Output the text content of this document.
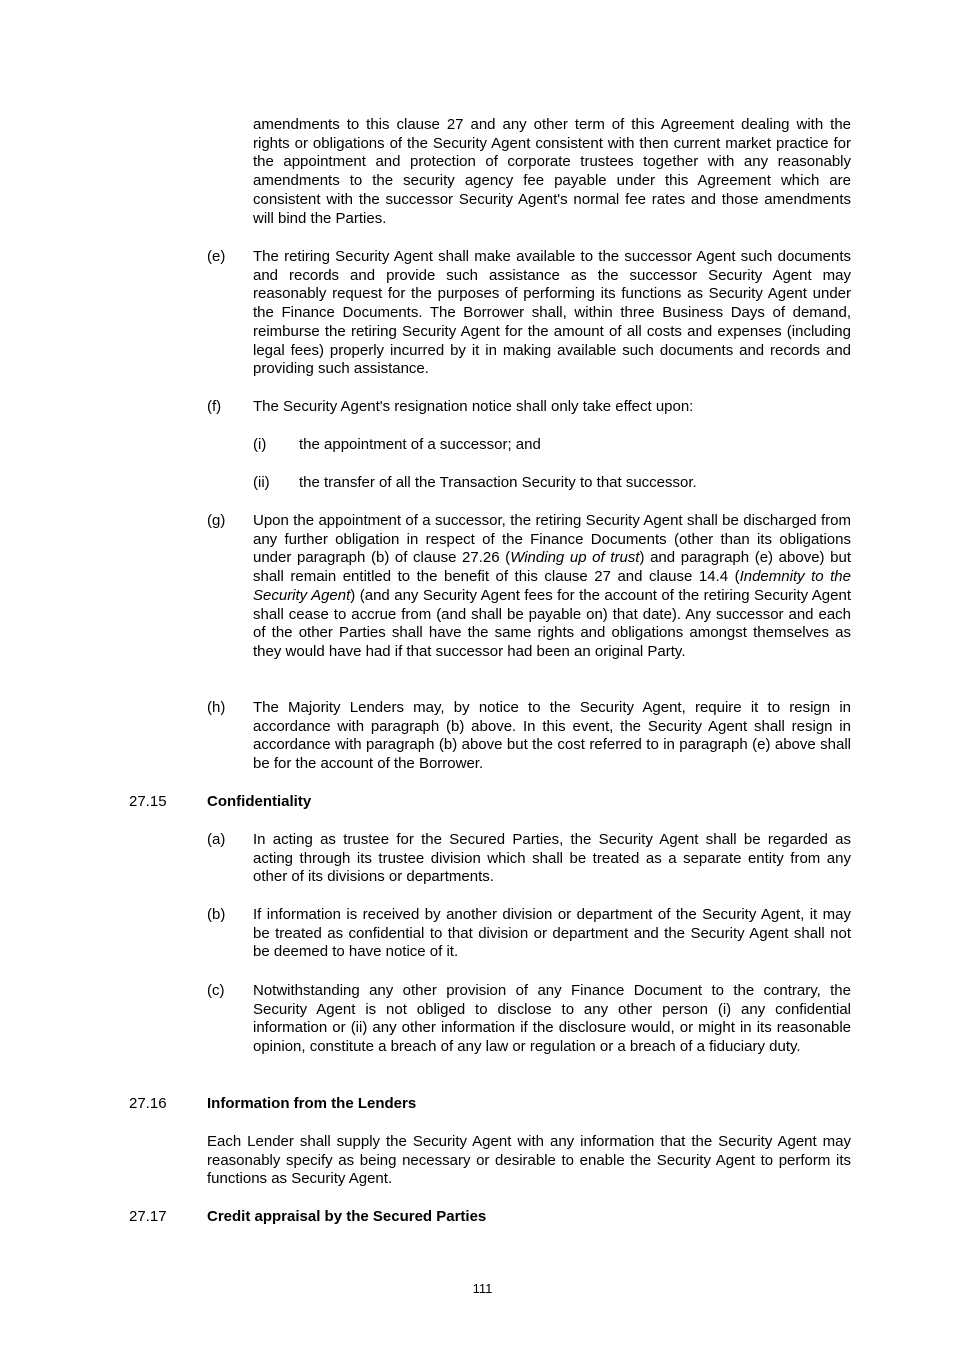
amendments to this clause 27 and any other term of this Agreement dealing with the rights or obligations of the Security Agent consistent with then current market practice for the appointment and protection of corporate trustees together with any reasonably amendments to the security agency fee payable under this Agreement which are consistent with the successor Security Agent's normal fee rates and those amendments will bind the Parties.

(e) The retiring Security Agent shall make available to the successor Agent such documents and records and provide such assistance as the successor Security Agent may reasonably request for the purposes of performing its functions as Security Agent under the Finance Documents. The Borrower shall, within three Business Days of demand, reimburse the retiring Security Agent for the amount of all costs and expenses (including legal fees) properly incurred by it in making available such documents and records and providing such assistance.

(f) The Security Agent's resignation notice shall only take effect upon:

(i) the appointment of a successor; and

(ii) the transfer of all the Transaction Security to that successor.

(g) Upon the appointment of a successor, the retiring Security Agent shall be discharged from any further obligation in respect of the Finance Documents (other than its obligations under paragraph (b) of clause 27.26 (Winding up of trust) and paragraph (e) above) but shall remain entitled to the benefit of this clause 27 and clause 14.4 (Indemnity to the Security Agent) (and any Security Agent fees for the account of the retiring Security Agent shall cease to accrue from (and shall be payable on) that date). Any successor and each of the other Parties shall have the same rights and obligations amongst themselves as they would have had if that successor had been an original Party.

(h) The Majority Lenders may, by notice to the Security Agent, require it to resign in accordance with paragraph (b) above. In this event, the Security Agent shall resign in accordance with paragraph (b) above but the cost referred to in paragraph (e) above shall be for the account of the Borrower.

27.15	Confidentiality
(a) In acting as trustee for the Secured Parties, the Security Agent shall be regarded as acting through its trustee division which shall be treated as a separate entity from any other of its divisions or departments.

(b) If information is received by another division or department of the Security Agent, it may be treated as confidential to that division or department and the Security Agent shall not be deemed to have notice of it.

(c) Notwithstanding any other provision of any Finance Document to the contrary, the Security Agent is not obliged to disclose to any other person (i) any confidential information or (ii) any other information if the disclosure would, or might in its reasonable opinion, constitute a breach of any law or regulation or a breach of a fiduciary duty.

27.16	Information from the Lenders

Each Lender shall supply the Security Agent with any information that the Security Agent may reasonably specify as being necessary or desirable to enable the Security Agent to perform its functions as Security Agent.

27.17	Credit appraisal by the Secured Parties
111
